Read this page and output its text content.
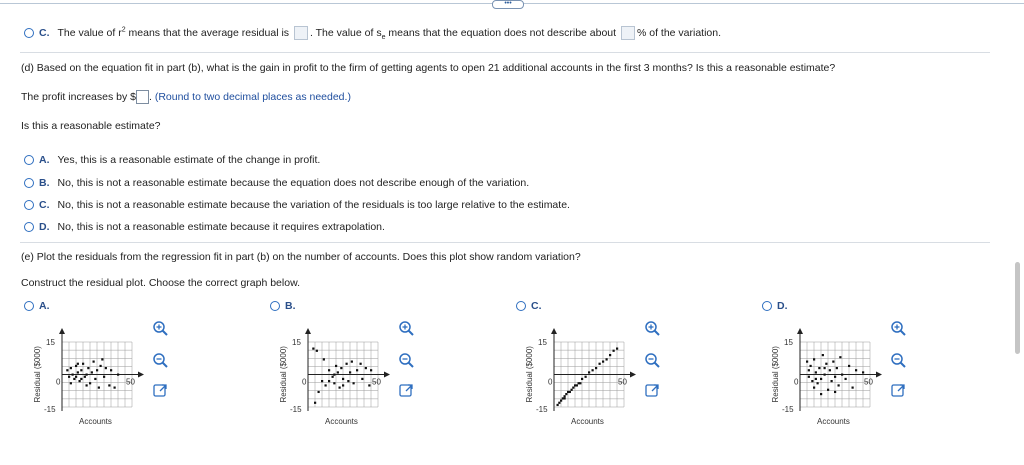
•••
C. The value of $r^2$ means that the average residual is . The value of $s_e$ means that the equation does not describe about % of the variation.
(d) Based on the equation fit in part (b), what is the gain in profit to the firm of getting agents to open 21 additional accounts in the first 3 months? Is this a reasonable estimate?
The profit increases by $ . (Round to two decimal places as needed.)
Is this a reasonable estimate?
A. Yes, this is a reasonable estimate of the change in profit.
B. No, this is not a reasonable estimate because the equation does not describe enough of the variation.
C. No, this is not a reasonable estimate because the variation of the residuals is too large relative to the estimate.
D. No, this is not a reasonable estimate because it requires extrapolation.
(e) Plot the residuals from the regression fit in part (b) on the number of accounts. Does this plot show random variation?
Construct the residual plot. Choose the correct graph below.
A.
15
-15
0	50
Accounts
Residual ($000)
B.
15
-15
0	50
Accounts
Residual ($000)
C.
15
-15
0	50
Accounts
Residual ($000)
D.
15
-15
0	50
Accounts
Residual ($000)
